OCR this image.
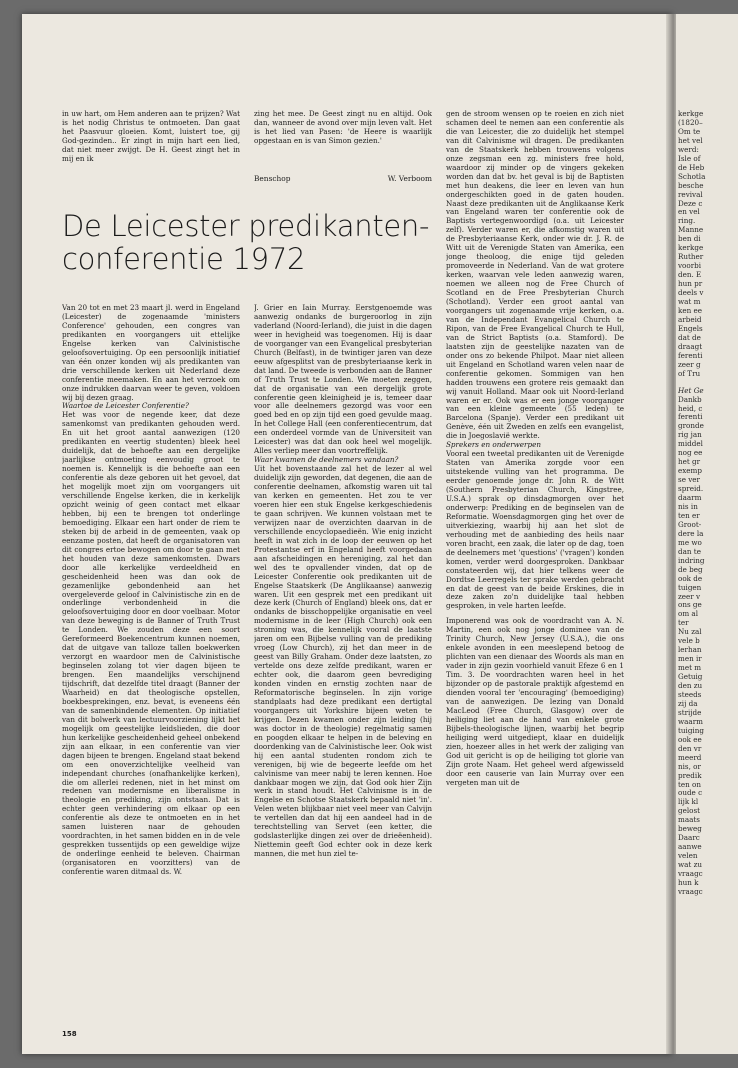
in uw hart, om Hem anderen aan te prijzen? Wat is het nodig Christus te ontmoeten. Dan gaat het Paasvuur gloeien. Komt, luistert toe, gij God-gezinden.. Er zingt in mijn hart een lied, dat niet meer zwijgt. De H. Geest zingt het in mij en ik

zing het mee. De Geest zingt nu en altijd. Ook dan, wanneer de avond over mijn leven valt. Het is het lied van Pasen: 'de Heere is waarlijk opgestaan en is van Simon gezien.'

Benschop	W. Verboom
De Leicester predikanten-conferentie 1972

Van 20 tot en met 23 maart jl. werd in Engeland (Leicester) de zogenaamde 'ministers Conference' gehouden, een congres van predikanten en voorgangers uit ettelijke Engelse kerken van Calvinistische geloofsovertuiging. Op een persoonlijk initiatief van één onzer konden wij als predikanten van drie verschillende kerken uit Nederland deze conferentie meemaken. En aan het verzoek om onze indrukken daarvan weer te geven, voldoen wij bij dezen graag.

Waartoe de Leicester Conferentie?

Het was voor de negende keer, dat deze samenkomst van predikanten gehouden werd. En uit het groot aantal aanwezigen (120 predikanten en veertig studenten) bleek heel duidelijk, dat de behoefte aan een dergelijke jaarlijkse ontmoeting eenvoudig groot te noemen is. Kennelijk is die behoefte aan een conferentie als deze geboren uit het gevoel, dat het mogelijk moet zijn om voorgangers uit verschillende Engelse kerken, die in kerkelijk opzicht weinig of geen contact met elkaar hebben, bij een te brengen tot onderlinge bemoediging. Elkaar een hart onder de riem te steken bij de arbeid in de gemeenten, vaak op eenzame posten, dat heeft de organisatoren van dit congres ertoe bewogen om door te gaan met het houden van deze samenkomsten. Dwars door alle kerkelijke verdeeldheid en gescheidenheid heen was dan ook de gezamenlijke gebondenheid aan het overgeleverde geloof in Calvinistische zin en de onderlinge verbondenheid in die geloofsovertuiging door en door voelbaar. Motor van deze beweging is de Banner of Truth Trust te Londen. We zouden deze een soort Gereformeerd Boekencentrum kunnen noemen, dat de uitgave van talloze tallen boekwerken verzorgt en waardoor men de Calvinistische beginselen zolang tot vier dagen bijeen te brengen. Een maandelijks verschijnend tijdschrift, dat dezelfde titel draagt (Banner der Waarheid) en dat theologische opstellen, boekbesprekingen, enz. bevat, is eveneens één van de samenbindende elementen. Op initiatief van dit bolwerk van lectuurvoorziening lijkt het mogelijk om geestelijke leidslieden, die door hun kerkelijke gescheidenheid geheel onbekend zijn aan elkaar, in een conferentie van vier dagen bijeen te brengen. Engeland staat bekend om een onoverzichtelijke veelheid van independant churches (onafhankelijke kerken), die om allerlei redenen, niet in het minst om redenen van modernisme en liberalisme in theologie en prediking, zijn ontstaan. Dat is echter geen verhindering om elkaar op een conferentie als deze te ontmoeten en in het samen luisteren naar de gehouden voordrachten, in het samen bidden en in de vele gesprekken tussentijds op een geweldige wijze de onderlinge eenheid te beleven. Chairman (organisatoren en voorzitters) van de conferentie waren ditmaal ds. W.

J. Grier en Iain Murray. Eerstgenoemde was aanwezig ondanks de burgeroorlog in zijn vaderland (Noord-Ierland), die juist in die dagen weer in hevigheid was toegenomen. Hij is daar de voorganger van een Evangelical presbyterian Church (Belfast), in de twintiger jaren van deze eeuw afgesplitst van de presbyteriaanse kerk in dat land. De tweede is verbonden aan de Banner of Truth Trust te Londen. We moeten zeggen, dat de organisatie van een dergelijk grote conferentie geen kleinigheid je is, temeer daar voor alle deelnemers gezorgd was voor een goed bed en op zijn tijd een goed gevulde maag. In het College Hall (een conferentiecentrum, dat een onderdeel vormde van de Universiteit van Leicester) was dat dan ook heel wel mogelijk. Alles verliep meer dan voortreffelijk.

Waar kwamen de deelnemers vandaan?

Uit het bovenstaande zal het de lezer al wel duidelijk zijn geworden, dat degenen, die aan de conferentie deelnamen, afkomstig waren uit tal van kerken en gemeenten. Het zou te ver voeren hier een stuk Engelse kerkgeschiedenis te gaan schrijven. We kunnen volstaan met te verwijzen naar de overzichten daarvan in de verschillende encyclopaedieën. Wie enig inzicht heeft in wat zich in de loop der eeuwen op het Protestantse erf in Engeland heeft voorgedaan aan afscheidingen en hereniging, zal het dan wel des te opvallender vinden, dat op de Leicester Conferentie ook predikanten uit de Engelse Staatskerk (De Anglikaanse) aanwezig waren. Uit een gesprek met een predikant uit deze kerk (Church of England) bleek ons, dat er ondanks de bisschoppelijke organisatie en veel modernisme in de leer (High Church) ook een stroming was, die kennelijk vooral de laatste jaren om een Bijbelse vulling van de prediking vroeg (Low Church), zij het dan meer in de geest van Billy Graham. Onder deze laatsten, zo vertelde ons deze zelfde predikant, waren er echter ook, die daarom geen bevrediging konden vinden en ernstig zochten naar de Reformatorische beginselen. In zijn vorige standplaats had deze predikant een dertigtal voorgangers uit Yorkshire bijeen weten te krijgen. Dezen kwamen onder zijn leiding (hij was doctor in de theologie) regelmatig samen en poogden elkaar te helpen in de beleving en doordenking van de Calvinistische leer. Ook wist hij een aantal studenten rondom zich te verenigen, bij wie de begeerte leefde om het calvinisme van meer nabij te leren kennen. Hoe dankbaar mogen we zijn, dat God ook hier Zijn werk in stand houdt. Het Calvinisme is in de Engelse en Schotse Staatskerk bepaald niet 'in'. Velen weten blijkbaar niet veel meer van Calvijn te vertellen dan dat hij een aandeel had in de terechtstelling van Servet (een ketter, die godslasterlijke dingen zei over de drieëenheid). Niettemin geeft God echter ook in deze kerk mannen, die met hun ziel te-

gen de stroom wensen op te roeien en zich niet schamen deel te nemen aan een conferentie als die van Leicester, die zo duidelijk het stempel van dit Calvinisme wil dragen. De predikanten van de Staatskerk hebben trouwens volgens onze zegsman een zg. ministers free hold, waardoor zij minder op de vingers gekeken worden dan dat bv. het geval is bij de Baptisten met hun deakens, die leer en leven van hun ondergeschikten goed in de gaten houden. Naast deze predikanten uit de Anglikaanse Kerk van Engeland waren ter conferentie ook de Baptists vertegenwoordigd (o.a. uit Leicester zelf). Verder waren er, die afkomstig waren uit de Presbyteriaanse Kerk, onder wie dr. J. R. de Witt uit de Verenigde Staten van Amerika, een jonge theoloog, die enige tijd geleden promoveerde in Nederland. Van de wat grotere kerken, waarvan vele leden aanwezig waren, noemen we alleen nog de Free Church of Scotland en de Free Presbyterian Church (Schotland). Verder een groot aantal van voorgangers uit zogenaamde vrije kerken, o.a. van de Independant Evangelical Church te Ripon, van de Free Evangelical Church te Hull, van de Strict Baptists (o.a. Stamford). De laatsten zijn de geestelijke nazaten van de onder ons zo bekende Philpot. Maar niet alleen uit Engeland en Schotland waren velen naar de conferentie gekomen. Sommigen van hen hadden trouwens een grotere reis gemaakt dan wij vanuit Holland. Maar ook uit Noord-Ierland waren er er. Ook was er een jonge voorganger van een kleine gemeente (55 leden) te Barcelona (Spanje). Verder een predikant uit Genève, één uit Zweden en zelfs een evangelist, die in Joegoslavië werkte.

Sprekers en onderwerpen

Vooral een tweetal predikanten uit de Verenigde Staten van Amerika zorgde voor een uitstekende vulling van het programma. De eerder genoemde jonge dr. John R. de Witt (Southern Presbyterian Church, Kingstree, U.S.A.) sprak op dinsdagmorgen over het onderwerp: Prediking en de beginselen van de Reformatie. Woensdagmorgen ging het over de uitverkiezing, waarbij hij aan het slot de verhouding met de aanbieding des heils naar voren bracht, een zaak, die later op de dag, toen de deelnemers met 'questions' ('vragen') konden komen, verder werd doorgesproken. Dankbaar constateerden wij, dat hier telkens weer de Dordtse Leerregels ter sprake werden gebracht en dat de geest van de beide Erskines, die in deze zaken zo'n duidelijke taal hebben gesproken, in vele harten leefde.

Imponerend was ook de voordracht van A. N. Martin, een ook nog jonge dominee van de Trinity Church, New Jersey (U.S.A.), die ons enkele avonden in een meeslepend betoog de plichten van een dienaar des Woords als man en vader in zijn gezin voorhield vanuit Efeze 6 en 1 Tim. 3. De voordrachten waren heel in het bijzonder op de pastorale praktijk afgestemd en dienden vooral ter 'encouraging' (bemoediging) van de aanwezigen. De lezing van Donald MacLeod (Free Church, Glasgow) over de heiliging liet aan de hand van enkele grote Bijbels-theologische lijnen, waarbij het begrip heiliging werd uitgediept, klaar en duidelijk zien, hoezeer alles in het werk der zaliging van God uit gericht is op de heiliging tot glorie van Zijn grote Naam. Het geheel werd afgewisseld door een causerie van Iain Murray over een vergeten man uit de

158
kerkge
(1820–
Om te
het vel
werd:
Isle of
de Heb
Schotla
besche
revival
Deze c
en vel
ring.
Manne
ben di
kerkge
Ruther
voorbi
den. E
hun pr
deels v
wat m
ken ee
arbeid
Engels
dat de
draagt
ferenti
zeer g
of Tru
Het Ge
Dankb
heid, c
ferenti
gronde
rig jan
middel
nog ee
het gr
exemp
se ver
spreid.
daarm
nis in
ten er
Groot-
dere la
me wo
dan te
indring
de beg
ook de
tuigen
zeer v
ons ge
om al
ter
Nu zal
vele b
lerhan
men ir
met m
Getuig
den zu
steeds
zij da
strijde
waarm
tuiging
ook ee
den vr
meerd
nis, or
predik
ten on
oude c
lijk kl
gelost
maats
beweg
Daarc
aanwe
velen
wat zu
vraagc
hun k
vraagc
